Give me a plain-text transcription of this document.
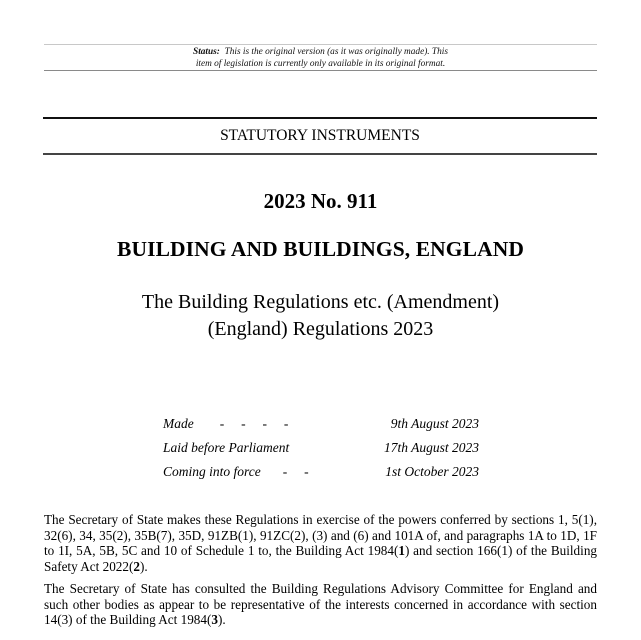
Status: This is the original version (as it was originally made). This
item of legislation is currently only available in its original format.
STATUTORY INSTRUMENTS
2023 No. 911
BUILDING AND BUILDINGS, ENGLAND
The Building Regulations etc. (Amendment)
(England) Regulations 2023
Made -     -     -     -	9th August 2023
Laid before Parliament	17th August 2023
Coming into force -     -	1st October 2023
The Secretary of State makes these Regulations in exercise of the powers conferred by sections 1, 5(1), 32(6), 34, 35(2), 35B(7), 35D, 91ZB(1), 91ZC(2), (3) and (6) and 101A of, and paragraphs 1A to 1D, 1F to 1I, 5A, 5B, 5C and 10 of Schedule 1 to, the Building Act 1984(1) and section 166(1) of the Building Safety Act 2022(2).
The Secretary of State has consulted the Building Regulations Advisory Committee for England and such other bodies as appear to be representative of the interests concerned in accordance with section 14(3) of the Building Act 1984(3).
